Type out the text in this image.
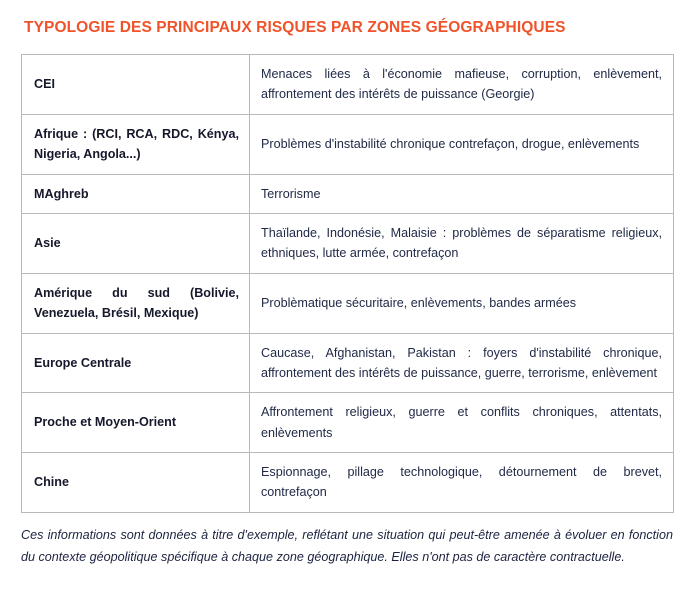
TYPOLOGIE DES PRINCIPAUX RISQUES PAR ZONES GÉOGRAPHIQUES
CEI	Menaces liées à l'économie mafieuse, corruption, enlèvement, affrontement des intérêts de puissance (Georgie)
Afrique : (RCI, RCA, RDC, Kénya, Nigeria, Angola...)	Problèmes d'instabilité chronique contrefaçon, drogue, enlèvements
MAghreb	Terrorisme
Asie	Thaïlande, Indonésie, Malaisie : problèmes de séparatisme religieux, ethniques, lutte armée, contrefaçon
Amérique du sud (Bolivie, Venezuela, Brésil, Mexique)	Problèmatique sécuritaire, enlèvements, bandes armées
Europe Centrale	Caucase, Afghanistan, Pakistan : foyers d'instabilité chronique, affrontement des intérêts de puissance, guerre, terrorisme, enlèvement
Proche et Moyen-Orient	Affrontement religieux, guerre et conflits chroniques, attentats, enlèvements
Chine	Espionnage, pillage technologique, détournement de brevet, contrefaçon
Ces informations sont données à titre d'exemple, reflétant une situation qui peut-être amenée à évoluer en fonction du contexte géopolitique spécifique à chaque zone géographique. Elles n'ont pas de caractère contractuelle.
